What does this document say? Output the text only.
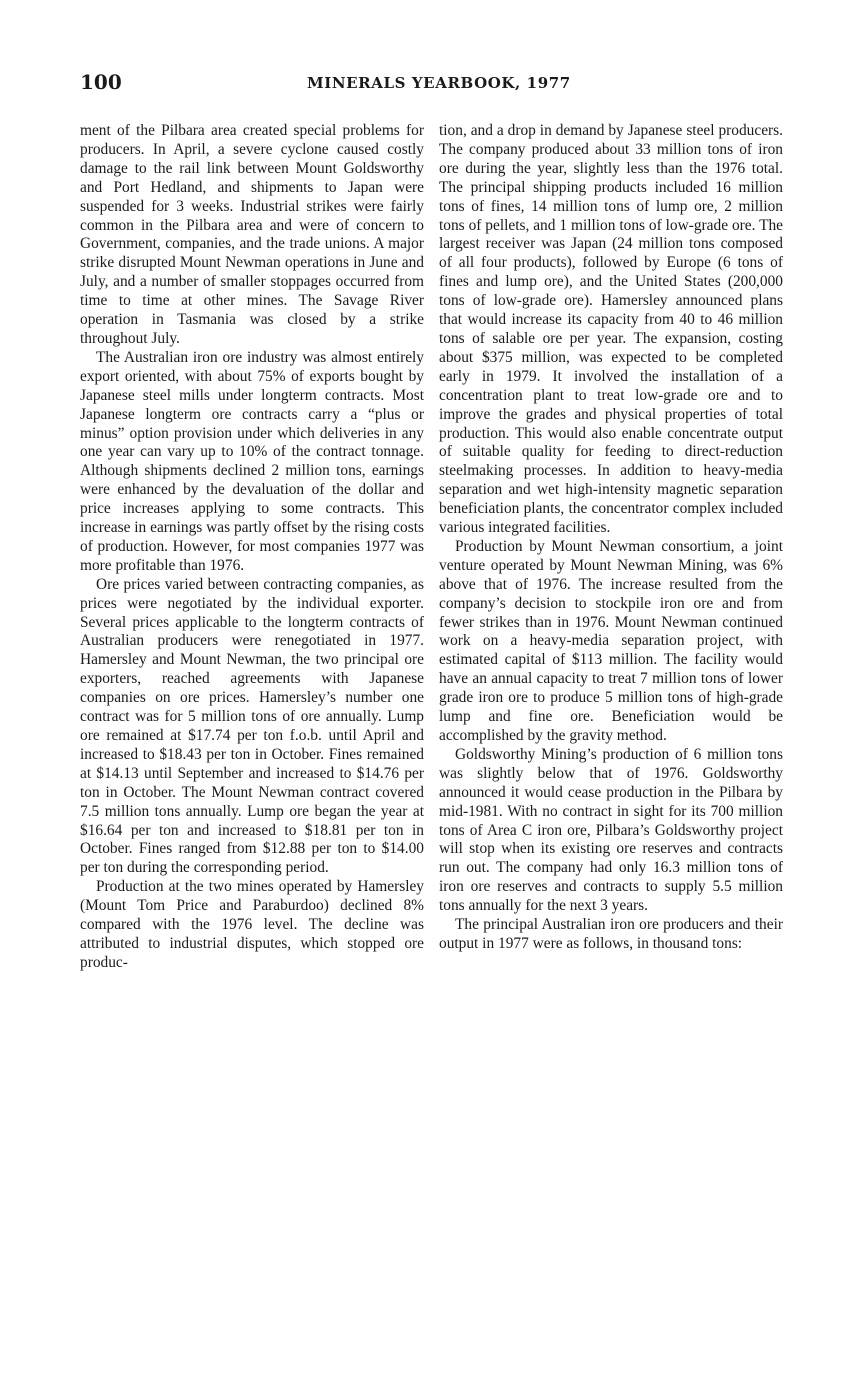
100	MINERALS YEARBOOK, 1977

ment of the Pilbara area created special problems for producers. In April, a severe cyclone caused costly damage to the rail link between Mount Goldsworthy and Port Hedland, and shipments to Japan were suspended for 3 weeks. Industrial strikes were fairly common in the Pilbara area and were of concern to Government, companies, and the trade unions. A major strike disrupted Mount Newman operations in June and July, and a number of smaller stoppages occurred from time to time at other mines. The Savage River operation in Tasmania was closed by a strike throughout July.

The Australian iron ore industry was almost entirely export oriented, with about 75% of exports bought by Japanese steel mills under longterm contracts. Most Japanese longterm ore contracts carry a “plus or minus” option provision under which deliveries in any one year can vary up to 10% of the contract tonnage. Although shipments declined 2 million tons, earnings were enhanced by the devaluation of the dollar and price increases applying to some contracts. This increase in earnings was partly offset by the rising costs of production. However, for most companies 1977 was more profitable than 1976.

Ore prices varied between contracting companies, as prices were negotiated by the individual exporter. Several prices applicable to the longterm contracts of Australian producers were renegotiated in 1977. Hamersley and Mount Newman, the two principal ore exporters, reached agreements with Japanese companies on ore prices. Hamersley’s number one contract was for 5 million tons of ore annually. Lump ore remained at $17.74 per ton f.o.b. until April and increased to $18.43 per ton in October. Fines remained at $14.13 until September and increased to $14.76 per ton in October. The Mount Newman contract covered 7.5 million tons annually. Lump ore began the year at $16.64 per ton and increased to $18.81 per ton in October. Fines ranged from $12.88 per ton to $14.00 per ton during the corresponding period.

Production at the two mines operated by Hamersley (Mount Tom Price and Paraburdoo) declined 8% compared with the 1976 level. The decline was attributed to industrial disputes, which stopped ore produc-

tion, and a drop in demand by Japanese steel producers. The company produced about 33 million tons of iron ore during the year, slightly less than the 1976 total. The principal shipping products included 16 million tons of fines, 14 million tons of lump ore, 2 million tons of pellets, and 1 million tons of low-grade ore. The largest receiver was Japan (24 million tons composed of all four products), followed by Europe (6 tons of fines and lump ore), and the United States (200,000 tons of low-grade ore). Hamersley announced plans that would increase its capacity from 40 to 46 million tons of salable ore per year. The expansion, costing about $375 million, was expected to be completed early in 1979. It involved the installation of a concentration plant to treat low-grade ore and to improve the grades and physical properties of total production. This would also enable concentrate output of suitable quality for feeding to direct-reduction steelmaking processes. In addition to heavy-media separation and wet high-intensity magnetic separation beneficiation plants, the concentrator complex included various integrated facilities.

Production by Mount Newman consortium, a joint venture operated by Mount Newman Mining, was 6% above that of 1976. The increase resulted from the company’s decision to stockpile iron ore and from fewer strikes than in 1976. Mount Newman continued work on a heavy-media separation project, with estimated capital of $113 million. The facility would have an annual capacity to treat 7 million tons of lower grade iron ore to produce 5 million tons of high-grade lump and fine ore. Beneficiation would be accomplished by the gravity method.

Goldsworthy Mining’s production of 6 million tons was slightly below that of 1976. Goldsworthy announced it would cease production in the Pilbara by mid-1981. With no contract in sight for its 700 million tons of Area C iron ore, Pilbara’s Goldsworthy project will stop when its existing ore reserves and contracts run out. The company had only 16.3 million tons of iron ore reserves and contracts to supply 5.5 million tons annually for the next 3 years.

The principal Australian iron ore producers and their output in 1977 were as follows, in thousand tons:
